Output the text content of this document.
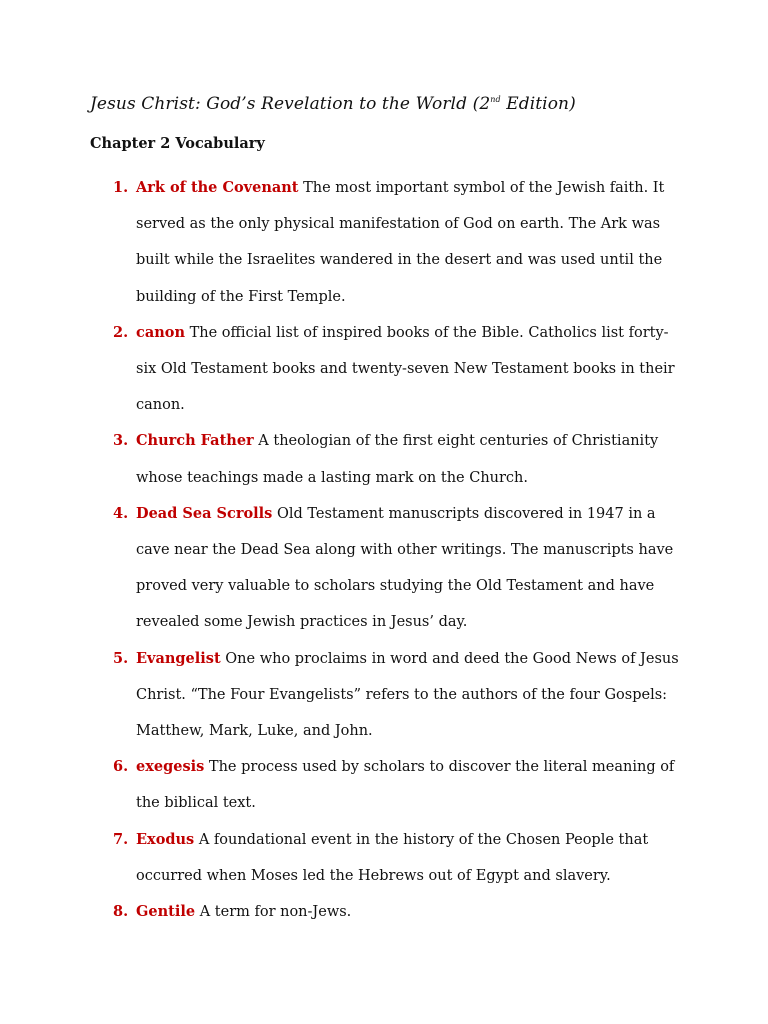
Jesus Christ: God’s Revelation to the World (2nd Edition)
Chapter 2 Vocabulary
1. Ark of the Covenant The most important symbol of the Jewish faith. It served as the only physical manifestation of God on earth. The Ark was built while the Israelites wandered in the desert and was used until the building of the First Temple.
2. canon The official list of inspired books of the Bible. Catholics list forty-six Old Testament books and twenty-seven New Testament books in their canon.
3. Church Father A theologian of the first eight centuries of Christianity whose teachings made a lasting mark on the Church.
4. Dead Sea Scrolls Old Testament manuscripts discovered in 1947 in a cave near the Dead Sea along with other writings. The manuscripts have proved very valuable to scholars studying the Old Testament and have revealed some Jewish practices in Jesus’ day.
5. Evangelist One who proclaims in word and deed the Good News of Jesus Christ. “The Four Evangelists” refers to the authors of the four Gospels: Matthew, Mark, Luke, and John.
6. exegesis The process used by scholars to discover the literal meaning of the biblical text.
7. Exodus A foundational event in the history of the Chosen People that occurred when Moses led the Hebrews out of Egypt and slavery.
8. Gentile A term for non-Jews.
